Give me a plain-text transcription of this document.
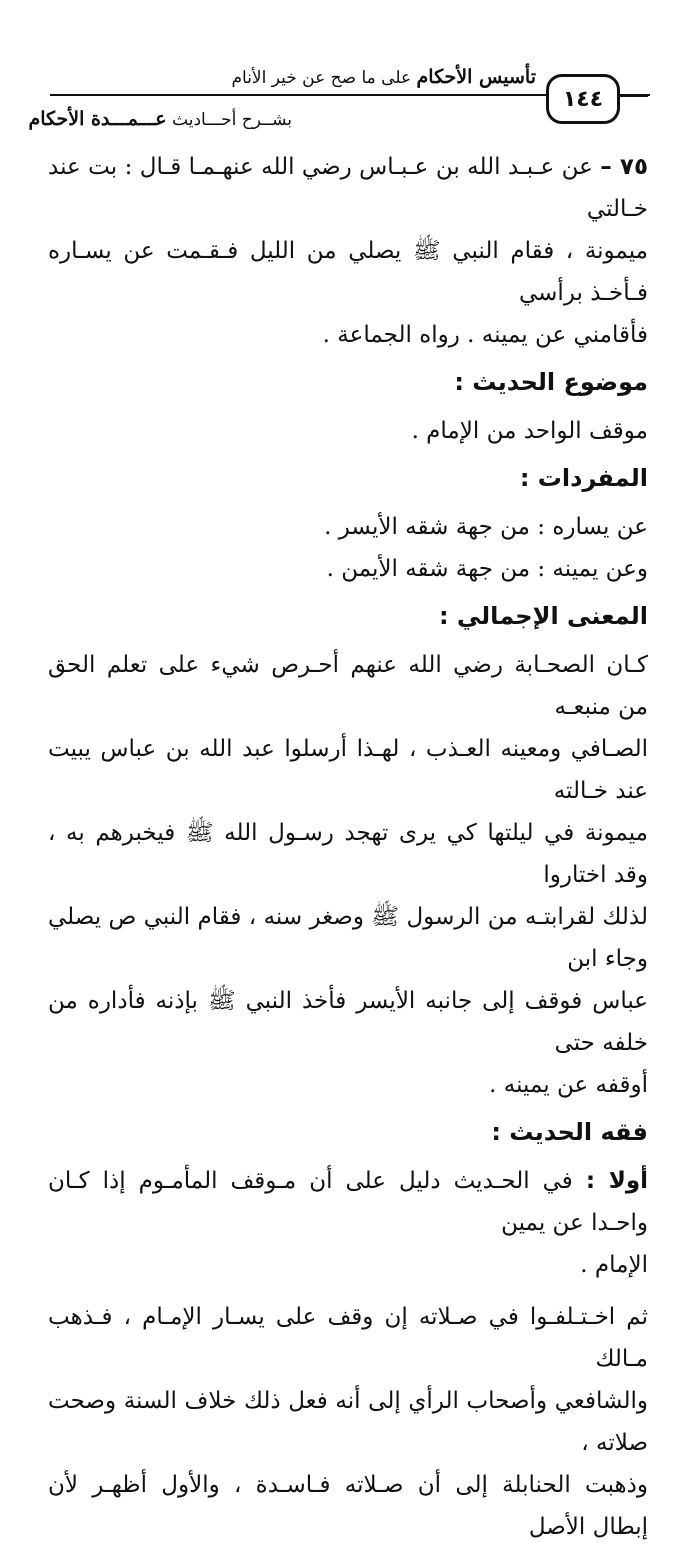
تأسيس الأحكام على ما صح عن خير الأنام
١٤٤
بشــرح أحـــاديث عـــمـــدة الأحكام

٧٥ – عن عـبـد الله بن عـبـاس رضي الله عنهـمـا قـال : بت عند خـالتي

ميمونة ، فقام النبي ﷺ يصلي من الليل فـقـمت عن يسـاره فـأخـذ برأسي

فأقامني عن يمينه . رواه الجماعة .

موضوع الحديث :

موقف الواحد من الإمام .

المفردات :

عن يساره : من جهة شقه الأيسر .

وعن يمينه : من جهة شقه الأيمن .

المعنى الإجمالي :

كـان الصحـابة رضي الله عنهم أحـرص شيء على تعلم الحق من منبعـه

الصـافي ومعينه العـذب ، لهـذا أرسلوا عبد الله بن عباس يبيت عند خـالته

ميمونة في ليلتها كي يرى تهجد رسـول الله ﷺ فيخبرهم به ، وقد اختاروا

لذلك لقرابتـه من الرسول ﷺ وصغر سنه ، فقام النبي ص يصلي وجاء ابن

عباس فوقف إلى جانبه الأيسر فأخذ النبي ﷺ بإذنه فأداره من خلفه حتى

أوقفه عن يمينه .

فقه الحديث :

أولا : في الحـديث دليل على أن مـوقف المأمـوم إذا كـان واحـدا عن يمين

الإمام .

ثم اخـتـلفـوا في صـلاته إن وقف على يسـار الإمـام ، فـذهب مـالك

والشافعي وأصحاب الرأي إلى أنه فعل ذلك خلاف السنة وصحت صلاته ،

وذهبت الحنابلة إلى أن صـلاته فـاسـدة ، والأول أظهـر لأن إبطال الأصل
